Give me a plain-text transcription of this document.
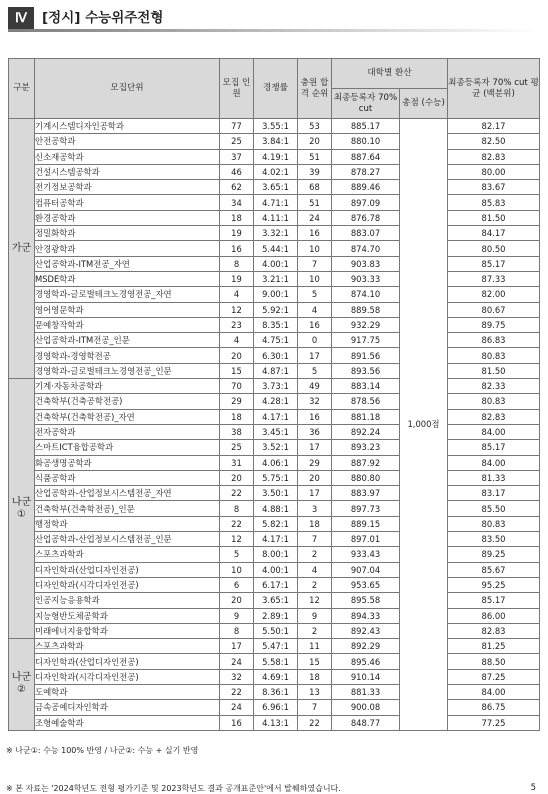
Ⅳ	[정시] 수능위주전형
구분	모집단위	모집 인원	경쟁률	충원 합격 순위	대학별 환산		최종등록자 70% cut 평균 (백분위)
					최종등록자 70% cut	총점 (수능)	
가군	기계시스템디자인공학과	77	3.55:1	53	885.17	1,000점	82.17
	안전공학과	25	3.84:1	20	880.10		82.50
	신소재공학과	37	4.19:1	51	887.64		82.83
	건설시스템공학과	46	4.02:1	39	878.27		80.00
	전기정보공학과	62	3.65:1	68	889.46		83.67
	컴퓨터공학과	34	4.71:1	51	897.09		85.83
	환경공학과	18	4.11:1	24	876.78		81.50
	정밀화학과	19	3.32:1	16	883.07		84.17
	안경광학과	16	5.44:1	10	874.70		80.50
	산업공학과-ITM전공_자연	8	4.00:1	7	903.83		85.17
	MSDE학과	19	3.21:1	10	903.33		87.33
	경영학과-글로벌테크노경영전공_자연	4	9.00:1	5	874.10		82.00
	영어영문학과	12	5.92:1	4	889.58		80.67
	문예창작학과	23	8.35:1	16	932.29		89.75
	산업공학과-ITM전공_인문	4	4.75:1	0	917.75		86.83
	경영학과-경영학전공	20	6.30:1	17	891.56		80.83
	경영학과-글로벌테크노경영전공_인문	15	4.87:1	5	893.56		81.50
나군①	기계·자동차공학과	70	3.73:1	49	883.14		82.33
	건축학부(건축공학전공)	29	4.28:1	32	878.56		80.83
	건축학부(건축학전공)_자연	18	4.17:1	16	881.18		82.83
	전자공학과	38	3.45:1	36	892.24		84.00
	스마트ICT융합공학과	25	3.52:1	17	893.23		85.17
	화공생명공학과	31	4.06:1	29	887.92		84.00
	식품공학과	20	5.75:1	20	880.80		81.33
	산업공학과-산업정보시스템전공_자연	22	3.50:1	17	883.97		83.17
	건축학부(건축학전공)_인문	8	4.88:1	3	897.73		85.50
	행정학과	22	5.82:1	18	889.15		80.83
	산업공학과-산업정보시스템전공_인문	12	4.17:1	7	897.01		83.50
	스포츠과학과	5	8.00:1	2	933.43		89.25
	디자인학과(산업디자인전공)	10	4.00:1	4	907.04		85.67
	디자인학과(시각디자인전공)	6	6.17:1	2	953.65		95.25
	인공지능응용학과	20	3.65:1	12	895.58		85.17
	지능형반도체공학과	9	2.89:1	9	894.33		86.00
	미래에너지융합학과	8	5.50:1	2	892.43		82.83
나군②	스포츠과학과	17	5.47:1	11	892.29		81.25
	디자인학과(산업디자인전공)	24	5.58:1	15	895.46		88.50
	디자인학과(시각디자인전공)	32	4.69:1	18	910.14		87.25
	도예학과	22	8.36:1	13	881.33		84.00
	금속공예디자인학과	24	6.96:1	7	900.08		86.75
	조형예술학과	16	4.13:1	22	848.77		77.25
※ 나군①: 수능 100% 반영 / 나군②: 수능 + 실기 반영
※ 본 자료는 '2024학년도 전형 평가기준 및 2023학년도 결과 공개표준안'에서 발췌하였습니다.	5
